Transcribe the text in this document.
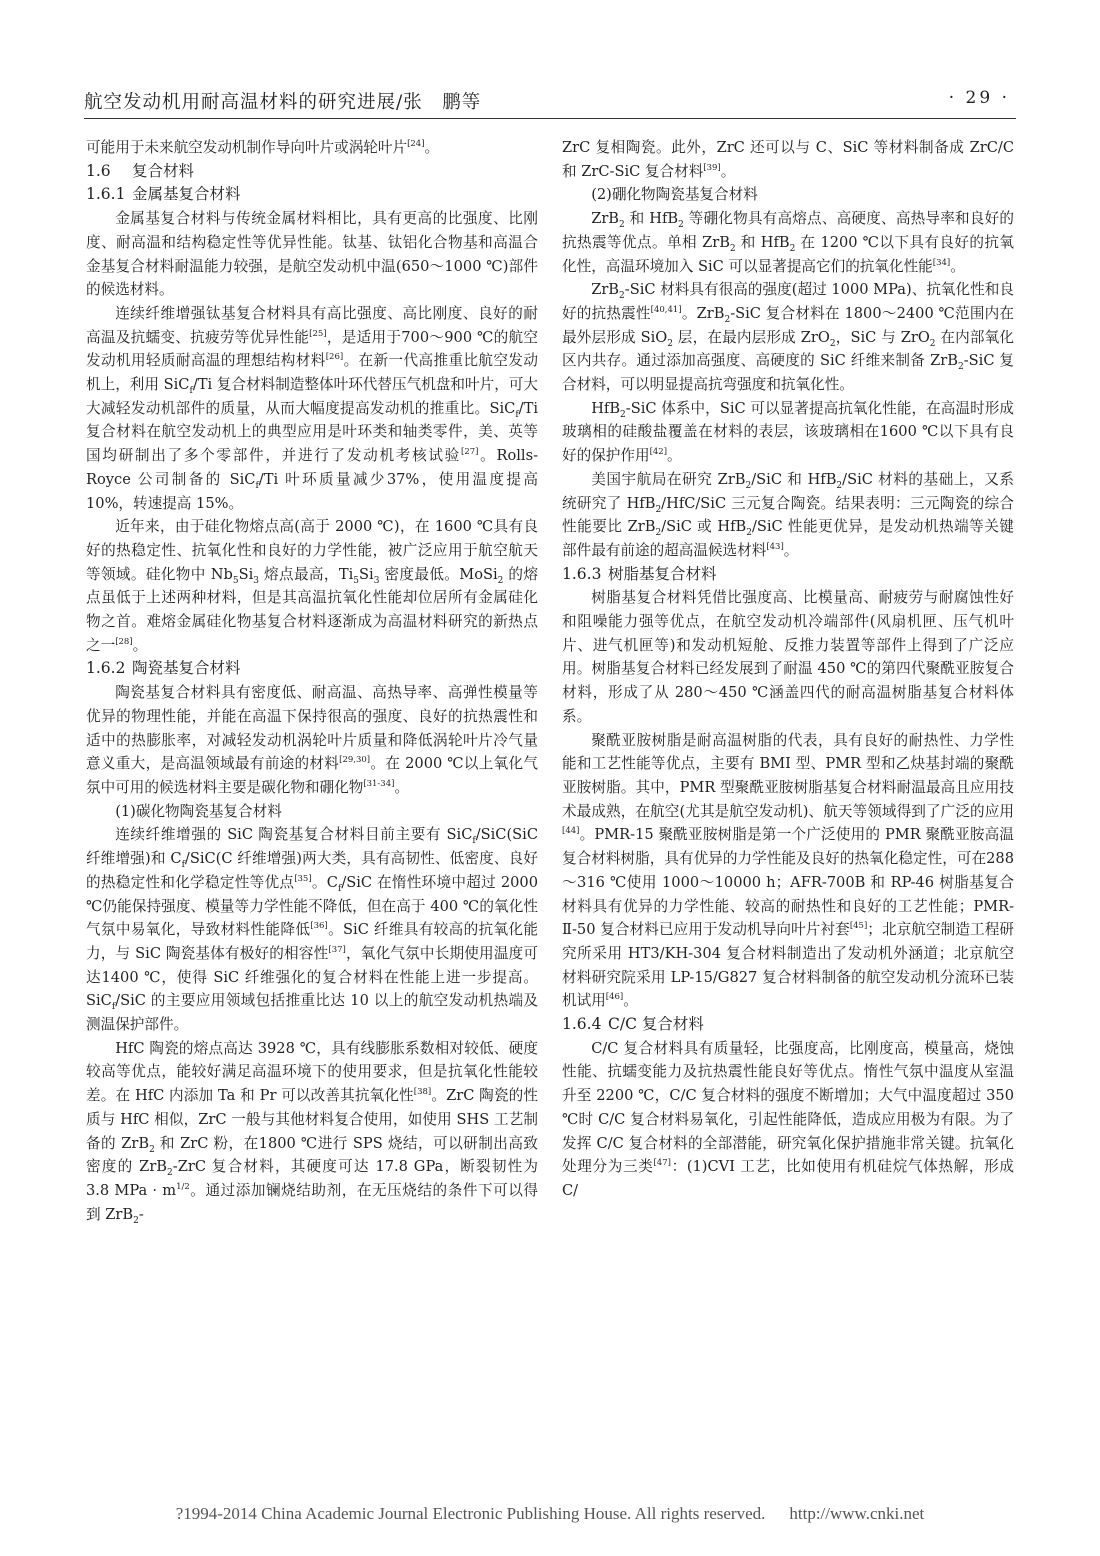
航空发动机用耐高温材料的研究进展/张　鹏等	· 29 ·

可能用于未来航空发动机制作导向叶片或涡轮叶片[24]。

1.6 复合材料
1.6.1 金属基复合材料

金属基复合材料与传统金属材料相比，具有更高的比强度、比刚度、耐高温和结构稳定性等优异性能。钛基、钛铝化合物基和高温合金基复合材料耐温能力较强，是航空发动机中温(650～1000 ℃)部件的候选材料。

连续纤维增强钛基复合材料具有高比强度、高比刚度、良好的耐高温及抗蠕变、抗疲劳等优异性能[25]，是适用于700～900 ℃的航空发动机用轻质耐高温的理想结构材料[26]。在新一代高推重比航空发动机上，利用 SiC$_f$/Ti 复合材料制造整体叶环代替压气机盘和叶片，可大大减轻发动机部件的质量，从而大幅度提高发动机的推重比。SiC$_f$/Ti 复合材料在航空发动机上的典型应用是叶环类和轴类零件，美、英等国均研制出了多个零部件，并进行了发动机考核试验[27]。Rolls-Royce 公司制备的 SiC$_f$/Ti 叶环质量减少37%，使用温度提高 10%，转速提高 15%。

近年来，由于硅化物熔点高(高于 2000 ℃)，在 1600 ℃具有良好的热稳定性、抗氧化性和良好的力学性能，被广泛应用于航空航天等领域。硅化物中 $Nb_5Si_3$ 熔点最高，$Ti_5Si_3$ 密度最低。MoSi$_2$ 的熔点虽低于上述两种材料，但是其高温抗氧化性能却位居所有金属硅化物之首。难熔金属硅化物基复合材料逐渐成为高温材料研究的新热点之一[28]。

1.6.2 陶瓷基复合材料

陶瓷基复合材料具有密度低、耐高温、高热导率、高弹性模量等优异的物理性能，并能在高温下保持很高的强度、良好的抗热震性和适中的热膨胀率，对减轻发动机涡轮叶片质量和降低涡轮叶片冷气量意义重大，是高温领域最有前途的材料[29,30]。在 2000 ℃以上氧化气氛中可用的候选材料主要是碳化物和硼化物[31-34]。

(1)碳化物陶瓷基复合材料

连续纤维增强的 SiC 陶瓷基复合材料目前主要有 SiC$_f$/SiC(SiC 纤维增强)和 $C_f/SiC(C$ 纤维增强)两大类，具有高韧性、低密度、良好的热稳定性和化学稳定性等优点[35]。$C_f$/SiC 在惰性环境中超过 2000 ℃仍能保持强度、模量等力学性能不降低，但在高于 400 ℃的氧化性气氛中易氧化，导致材料性能降低[36]。SiC 纤维具有较高的抗氧化能力，与 SiC 陶瓷基体有极好的相容性[37]，氧化气氛中长期使用温度可达1400 ℃，使得 SiC 纤维强化的复合材料在性能上进一步提高。SiC$_f$/SiC 的主要应用领域包括推重比达 10 以上的航空发动机热端及测温保护部件。

HfC 陶瓷的熔点高达 3928 ℃，具有线膨胀系数相对较低、硬度较高等优点，能较好满足高温环境下的使用要求，但是抗氧化性能较差。在 HfC 内添加 Ta 和 Pr 可以改善其抗氧化性[38]。ZrC 陶瓷的性质与 HfC 相似，ZrC 一般与其他材料复合使用，如使用 SHS 工艺制备的 ZrB$_2$ 和 ZrC 粉，在1800 ℃进行 SPS 烧结，可以研制出高致密度的 ZrB$_2$-ZrC 复合材料，其硬度可达 17.8 GPa，断裂韧性为 3.8 MPa · $m^{1/2}$。通过添加镧烧结助剂，在无压烧结的条件下可以得到 ZrB$_2$-

ZrC 复相陶瓷。此外，ZrC 还可以与 C、SiC 等材料制备成 ZrC/C 和 ZrC-SiC 复合材料[39]。

(2)硼化物陶瓷基复合材料

ZrB$_2$ 和 HfB$_2$ 等硼化物具有高熔点、高硬度、高热导率和良好的抗热震等优点。单相 ZrB$_2$ 和 HfB$_2$ 在 1200 ℃以下具有良好的抗氧化性，高温环境加入 SiC 可以显著提高它们的抗氧化性能[34]。

ZrB$_2$-SiC 材料具有很高的强度(超过 1000 MPa)、抗氧化性和良好的抗热震性[40,41]。ZrB$_2$-SiC 复合材料在 1800～2400 ℃范围内在最外层形成 SiO$_2$ 层，在最内层形成 ZrO$_2$，SiC 与 ZrO$_2$ 在内部氧化区内共存。通过添加高强度、高硬度的 SiC 纤维来制备 ZrB$_2$-SiC 复合材料，可以明显提高抗弯强度和抗氧化性。

HfB$_2$-SiC 体系中，SiC 可以显著提高抗氧化性能，在高温时形成玻璃相的硅酸盐覆盖在材料的表层，该玻璃相在1600 ℃以下具有良好的保护作用[42]。

美国宇航局在研究 ZrB$_2$/SiC 和 HfB$_2$/SiC 材料的基础上，又系统研究了 HfB$_2$/HfC/SiC 三元复合陶瓷。结果表明：三元陶瓷的综合性能要比 ZrB$_2$/SiC 或 HfB$_2$/SiC 性能更优异，是发动机热端等关键部件最有前途的超高温候选材料[43]。

1.6.3 树脂基复合材料

树脂基复合材料凭借比强度高、比模量高、耐疲劳与耐腐蚀性好和阻噪能力强等优点，在航空发动机冷端部件(风扇机匣、压气机叶片、进气机匣等)和发动机短舱、反推力装置等部件上得到了广泛应用。树脂基复合材料已经发展到了耐温 450 ℃的第四代聚酰亚胺复合材料，形成了从 280～450 ℃涵盖四代的耐高温树脂基复合材料体系。

聚酰亚胺树脂是耐高温树脂的代表，具有良好的耐热性、力学性能和工艺性能等优点，主要有 BMI 型、PMR 型和乙炔基封端的聚酰亚胺树脂。其中，PMR 型聚酰亚胺树脂基复合材料耐温最高且应用技术最成熟，在航空(尤其是航空发动机)、航天等领域得到了广泛的应用[44]。PMR-15 聚酰亚胺树脂是第一个广泛使用的 PMR 聚酰亚胺高温复合材料树脂，具有优异的力学性能及良好的热氧化稳定性，可在288～316 ℃使用 1000～10000 h；AFR-700B 和 RP-46 树脂基复合材料具有优异的力学性能、较高的耐热性和良好的工艺性能；PMR-Ⅱ-50 复合材料已应用于发动机导向叶片衬套[45]；北京航空制造工程研究所采用 HT3/KH-304 复合材料制造出了发动机外涵道；北京航空材料研究院采用 LP-15/G827 复合材料制备的航空发动机分流环已装机试用[46]。

1.6.4 C/C 复合材料

C/C 复合材料具有质量轻，比强度高，比刚度高，模量高，烧蚀性能、抗蠕变能力及抗热震性能良好等优点。惰性气氛中温度从室温升至 2200 ℃，C/C 复合材料的强度不断增加；大气中温度超过 350 ℃时 C/C 复合材料易氧化，引起性能降低，造成应用极为有限。为了发挥 C/C 复合材料的全部潜能，研究氧化保护措施非常关键。抗氧化处理分为三类[47]：(1)CVI 工艺，比如使用有机硅烷气体热解，形成 C/

?1994-2014 China Academic Journal Electronic Publishing House. All rights reserved. http://www.cnki.net
